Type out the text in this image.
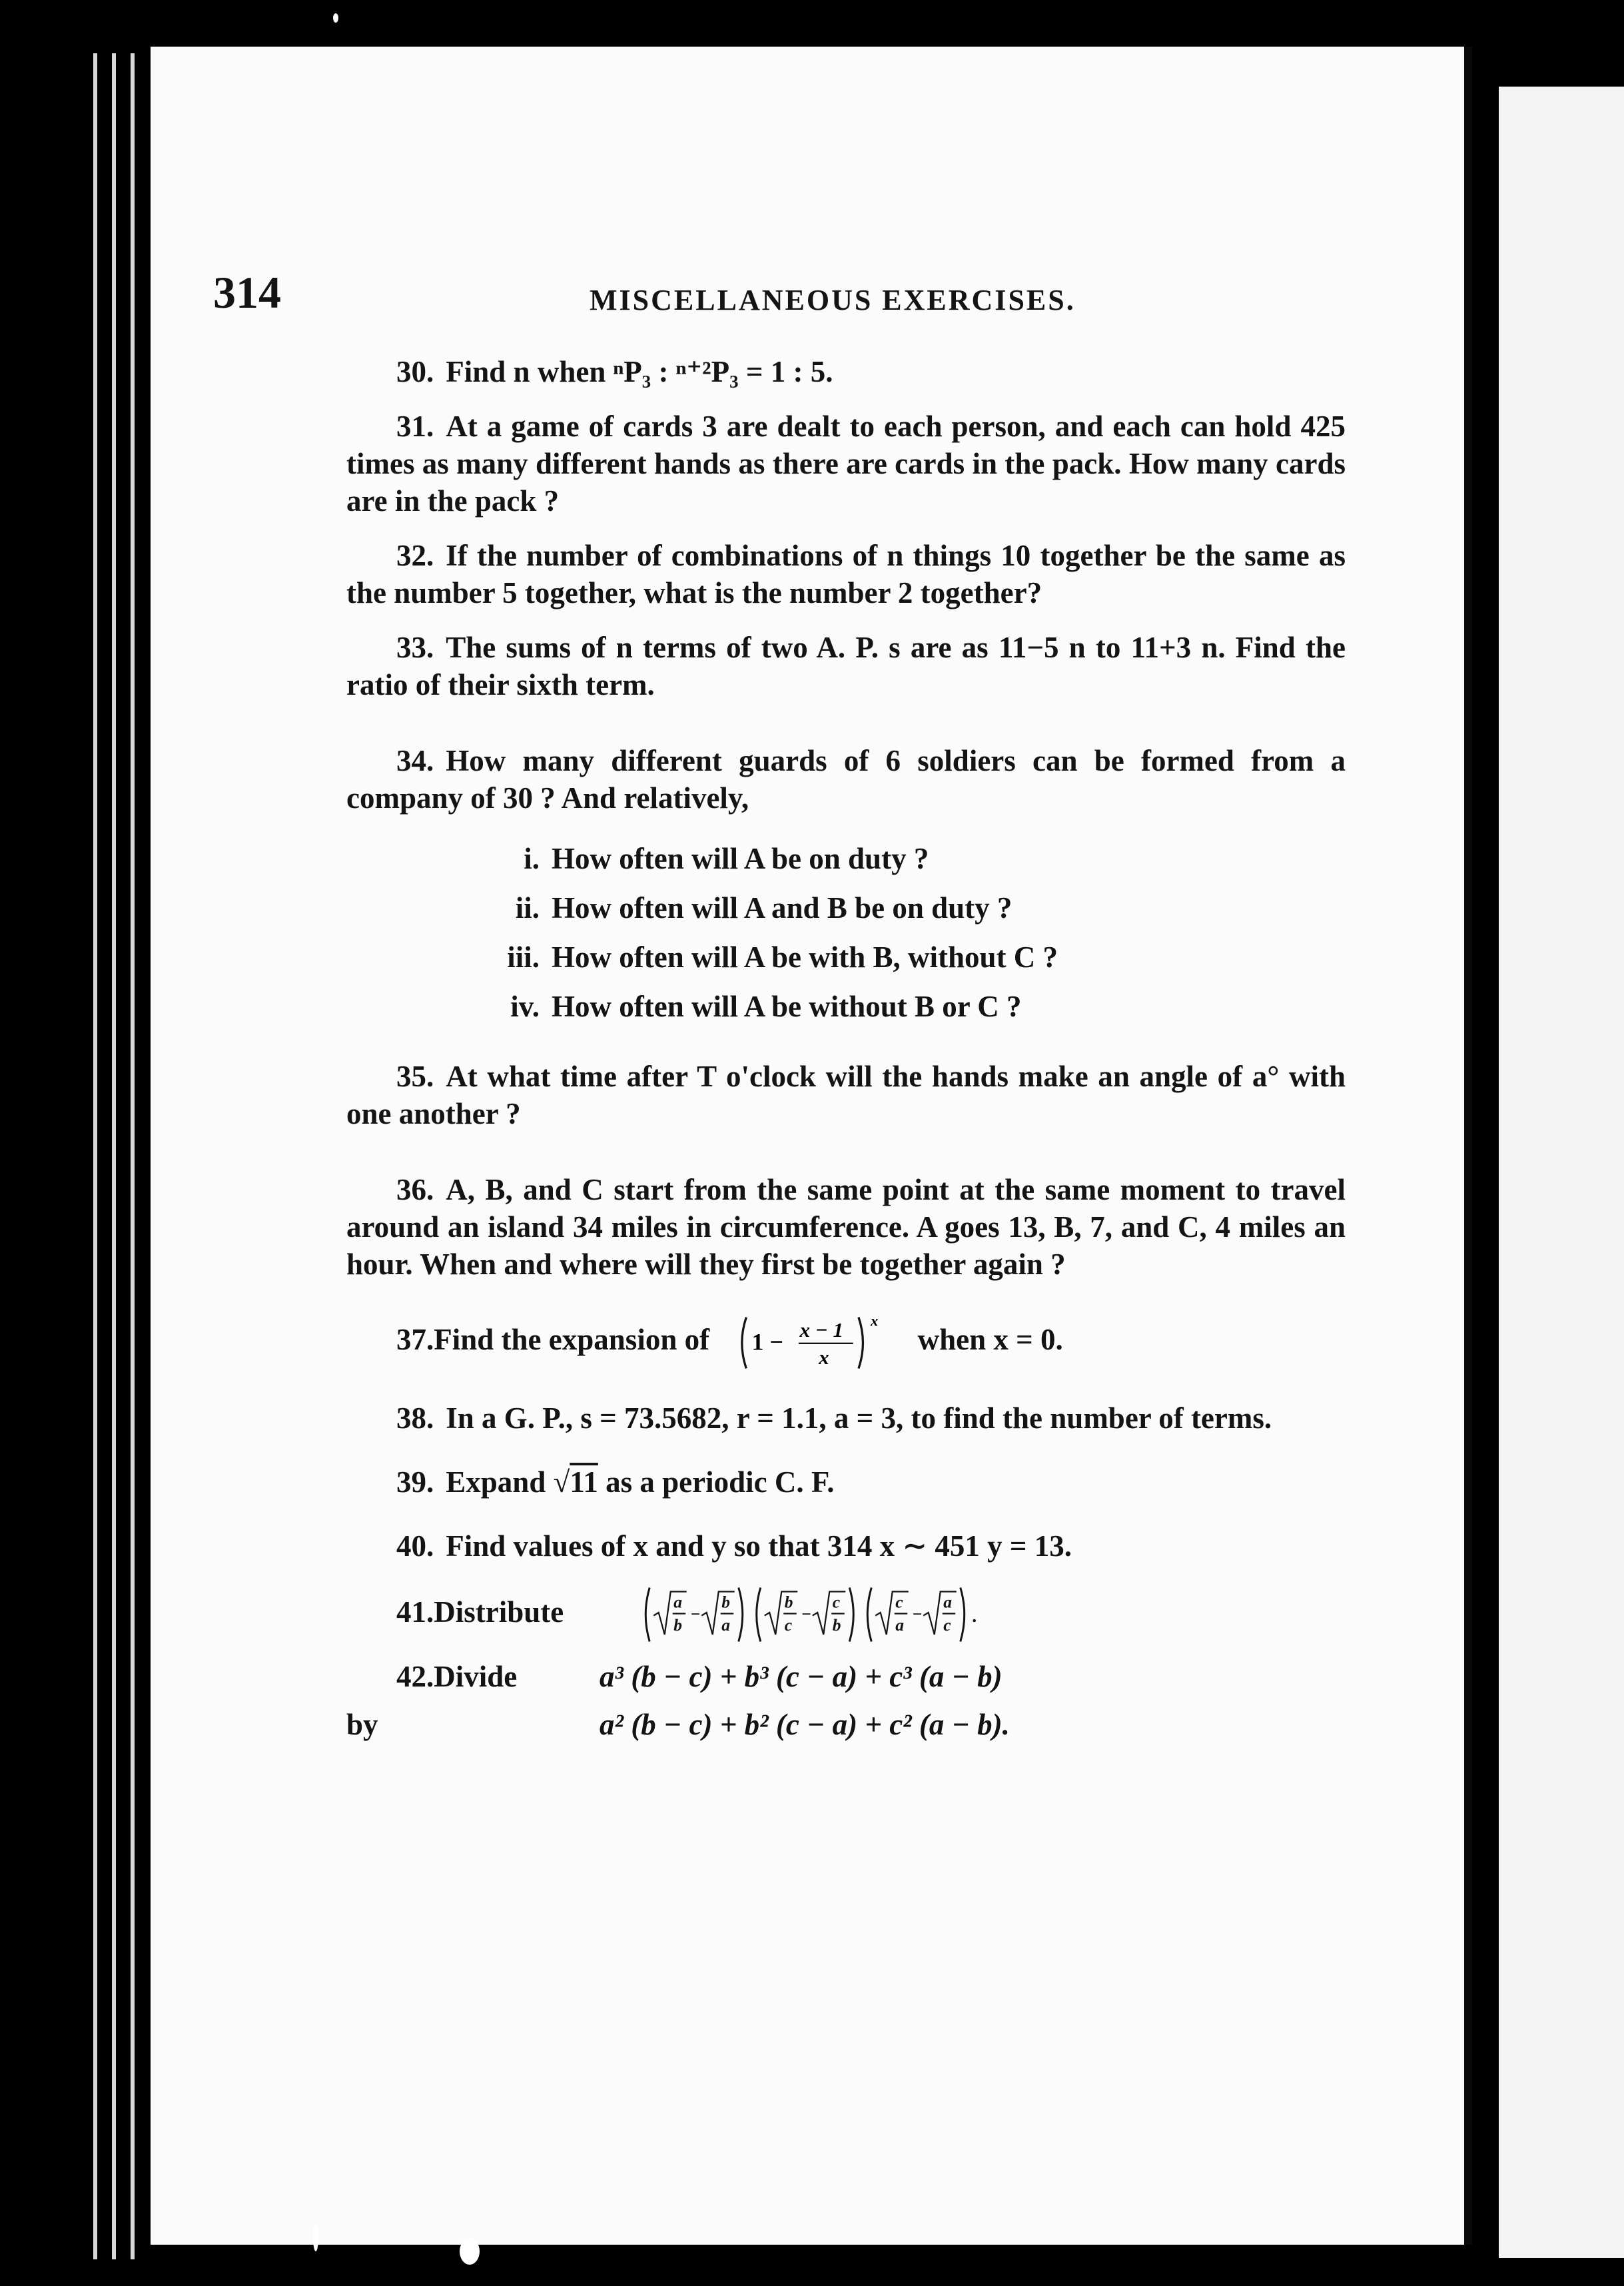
314	MISCELLANEOUS EXERCISES.

30. Find n when ⁿP₃ : ⁿ⁺²P₃ = 1 : 5.

31. At a game of cards 3 are dealt to each person, and each can hold 425 times as many different hands as there are cards in the pack. How many cards are in the pack ?

32. If the number of combinations of n things 10 together be the same as the number 5 together, what is the number 2 together?

33. The sums of n terms of two A. P. s are as 11−5 n to 11+3 n. Find the ratio of their sixth term.

34. How many different guards of 6 soldiers can be formed from a company of 30 ? And relatively,

i. How often will A be on duty ?

ii. How often will A and B be on duty ?

iii. How often will A be with B, without C ?

iv. How often will A be without B or C ?

35. At what time after T o'clock will the hands make an angle of a° with one another ?

36. A, B, and C start from the same point at the same moment to travel around an island 34 miles in circumference. A goes 13, B, 7, and C, 4 miles an hour. When and where will they first be together again ?

37.Find the expansion of 1 − x − 1
x
x
when x = 0.

38. In a G. P., s = 73.5682, r = 1.1, a = 3, to find the number of terms.

39. Expand √11 as a periodic C. F.

40. Find values of x and y so that 314 x ∼ 451 y = 13.

41.Distribute	a
b
−
b
a
b
c
−
c
b
c
a
−
a
c

42.Divide	a³ (b − c) + b³ (c − a) + c³ (a − b)
by	a² (b − c) + b² (c − a) + c² (a − b).
